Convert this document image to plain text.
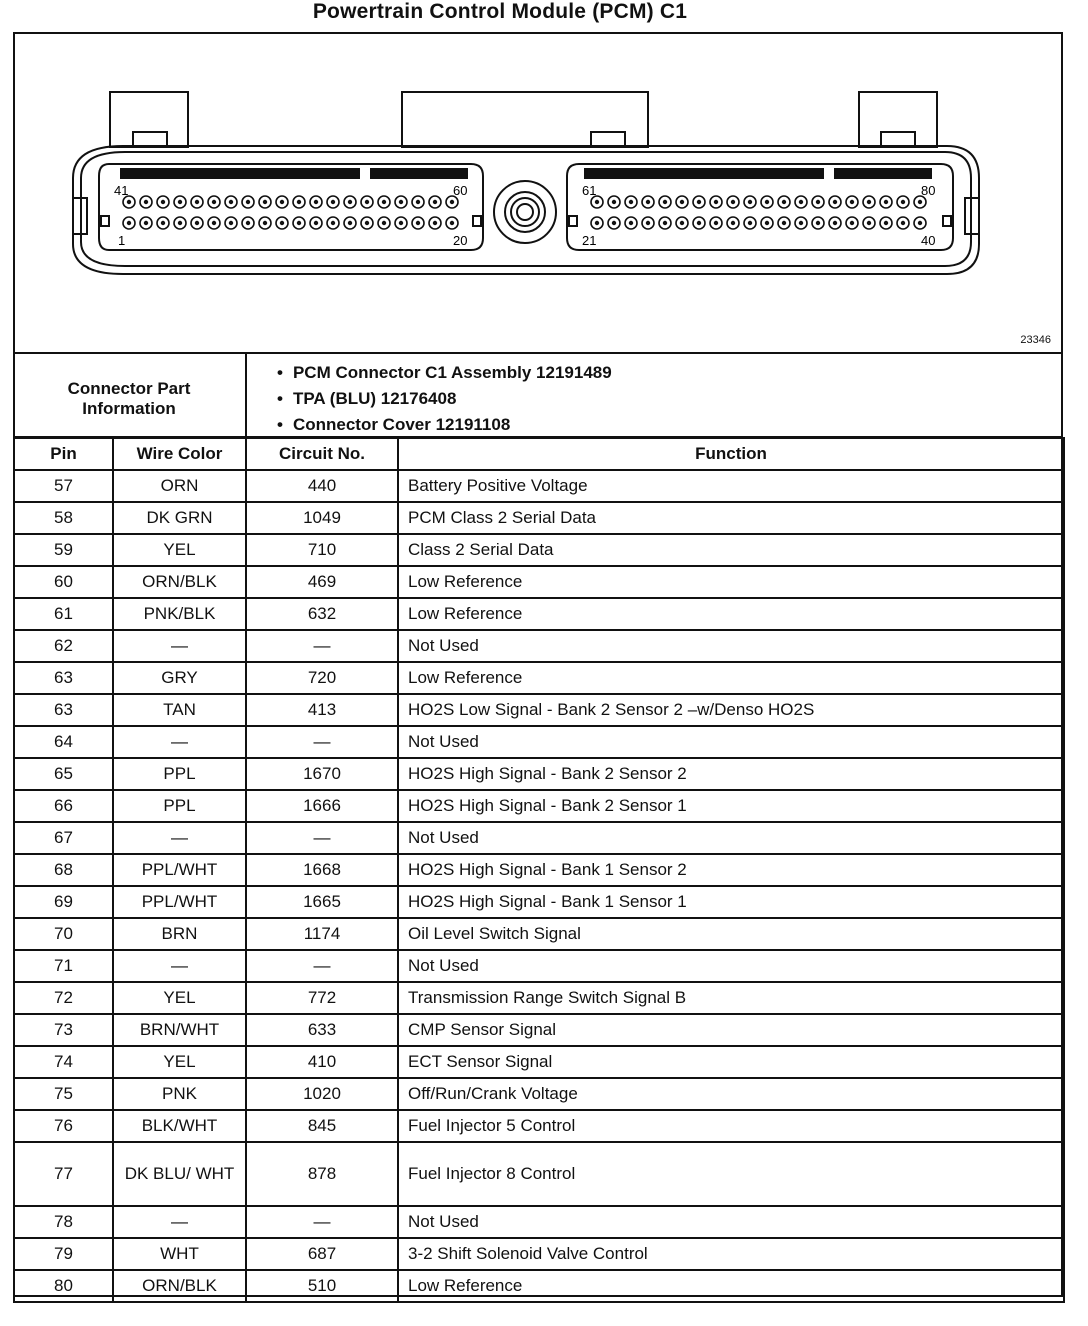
Powertrain Control Module (PCM) C1
41	60
1	20
61	80
21	40
23346
Connector Part
Information
• PCM Connector C1 Assembly 12191489
• TPA (BLU) 12176408
• Connector Cover 12191108
Pin	Wire Color	Circuit No.	Function
57	ORN	440	Battery Positive Voltage
58	DK GRN	1049	PCM Class 2 Serial Data
59	YEL	710	Class 2 Serial Data
60	ORN/BLK	469	Low Reference
61	PNK/BLK	632	Low Reference
62	—	—	Not Used
63	GRY	720	Low Reference
63	TAN	413	HO2S Low Signal - Bank 2 Sensor 2 –w/Denso HO2S
64	—	—	Not Used
65	PPL	1670	HO2S High Signal - Bank 2 Sensor 2
66	PPL	1666	HO2S High Signal - Bank 2 Sensor 1
67	—	—	Not Used
68	PPL/WHT	1668	HO2S High Signal - Bank 1 Sensor 2
69	PPL/WHT	1665	HO2S High Signal - Bank 1 Sensor 1
70	BRN	1174	Oil Level Switch Signal
71	—	—	Not Used
72	YEL	772	Transmission Range Switch Signal B
73	BRN/WHT	633	CMP Sensor Signal
74	YEL	410	ECT Sensor Signal
75	PNK	1020	Off/Run/Crank Voltage
76	BLK/WHT	845	Fuel Injector 5 Control
77	DK BLU/ WHT	878	Fuel Injector 8 Control
78	—	—	Not Used
79	WHT	687	3-2 Shift Solenoid Valve Control
80	ORN/BLK	510	Low Reference
